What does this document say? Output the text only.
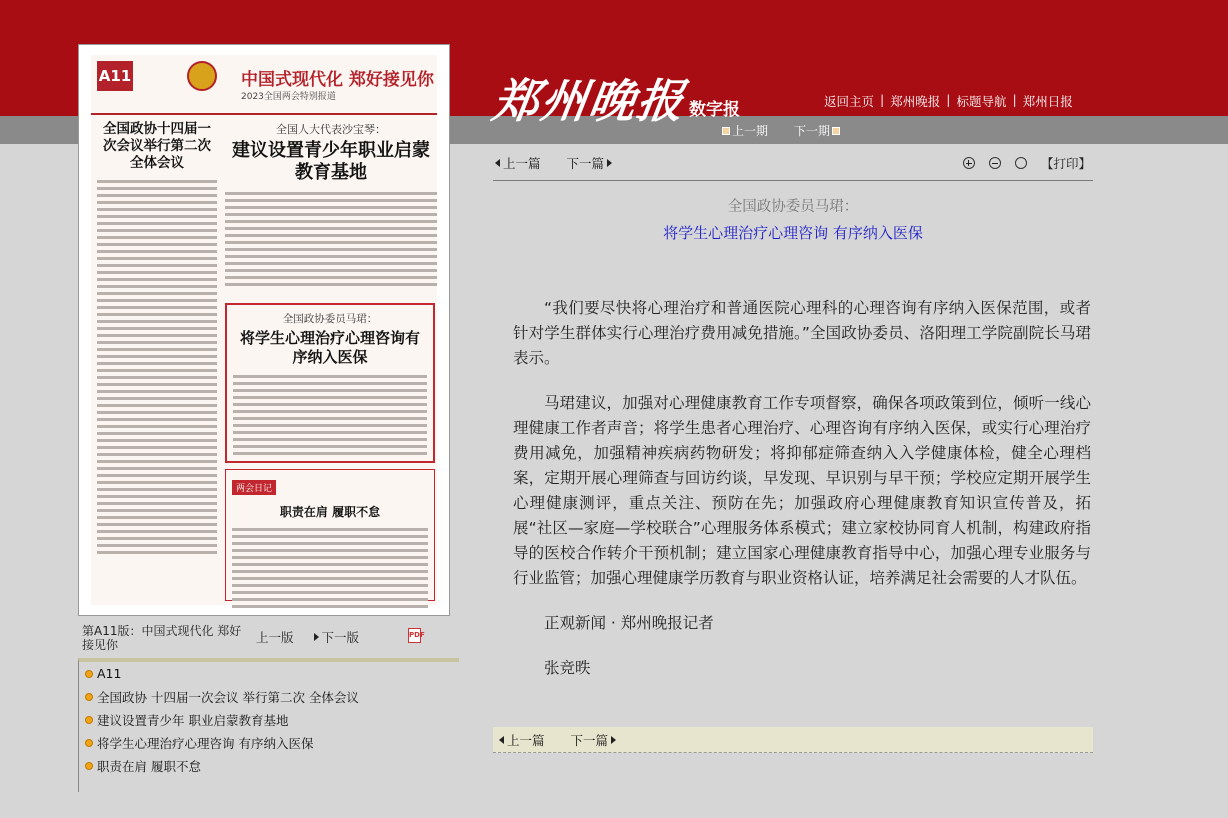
郑州晚报 数字报	返回主页 | 郑州晚报 | 标题导航 | 郑州日报
上一期 下一期
A11	中国式现代化 郑好接见你
2023全国两会特别报道
全国政协十四届一次会议举行第二次全体会议
全国人大代表沙宝琴：
建议设置青少年职业启蒙教育基地
全国政协委员马珺：
将学生心理治疗心理咨询有序纳入医保
两会日记
职责在肩 履职不怠
第A11版：中国式现代化 郑好接见你	上一版 下一版	PDF
A11
全国政协 十四届一次会议 举行第二次 全体会议
建议设置青少年 职业启蒙教育基地
将学生心理治疗心理咨询 有序纳入医保
职责在肩 履职不怠
上一篇 下一篇	【打印】
全国政协委员马珺：
将学生心理治疗心理咨询 有序纳入医保

“我们要尽快将心理治疗和普通医院心理科的心理咨询有序纳入医保范围，或者针对学生群体实行心理治疗费用减免措施。”全国政协委员、洛阳理工学院副院长马珺表示。

马珺建议，加强对心理健康教育工作专项督察，确保各项政策到位，倾听一线心理健康工作者声音；将学生患者心理治疗、心理咨询有序纳入医保，或实行心理治疗费用减免，加强精神疾病药物研发；将抑郁症筛查纳入入学健康体检，健全心理档案，定期开展心理筛查与回访约谈，早发现、早识别与早干预；学校应定期开展学生心理健康测评，重点关注、预防在先；加强政府心理健康教育知识宣传普及，拓展“社区—家庭—学校联合”心理服务体系模式；建立家校协同育人机制，构建政府指导的医校合作转介干预机制；建立国家心理健康教育指导中心，加强心理专业服务与行业监管；加强心理健康学历教育与职业资格认证，培养满足社会需要的人才队伍。

正观新闻 · 郑州晚报记者

张竞昳

上一篇 下一篇
